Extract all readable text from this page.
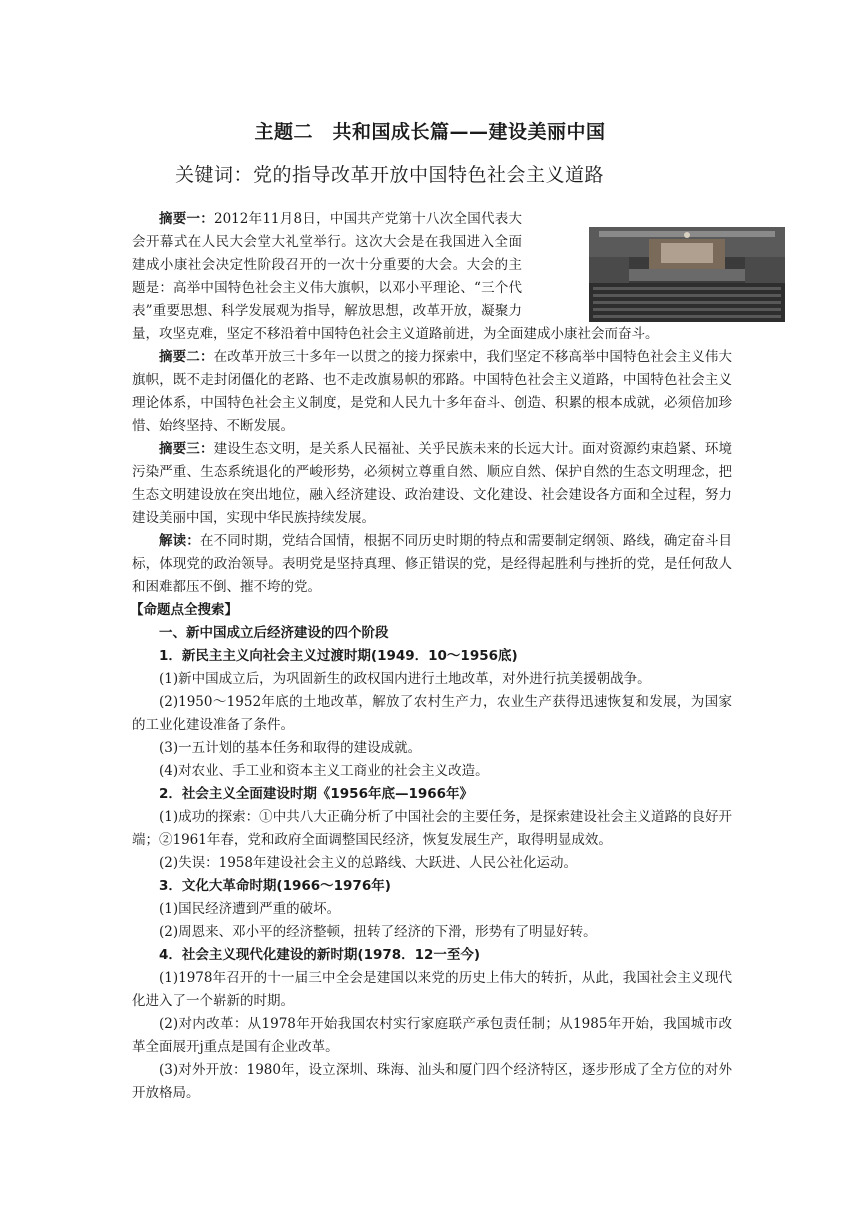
主题二　共和国成长篇——建设美丽中国

关键词：党的指导改革开放中国特色社会主义道路

摘要一：2012年11月8日，中国共产党第十八次全国代表大会开幕式在人民大会堂大礼堂举行。这次大会是在我国进入全面建成小康社会决定性阶段召开的一次十分重要的大会。大会的主题是：高举中国特色社会主义伟大旗帜，以邓小平理论、“三个代表”重要思想、科学发展观为指导，解放思想，改革开放，凝聚力量，攻坚克难，坚定不移沿着中国特色社会主义道路前进，为全面建成小康社会而奋斗。

摘要二：在改革开放三十多年一以贯之的接力探索中，我们坚定不移高举中国特色社会主义伟大旗帜，既不走封闭僵化的老路、也不走改旗易帜的邪路。中国特色社会主义道路，中国特色社会主义理论体系，中国特色社会主义制度，是党和人民九十多年奋斗、创造、积累的根本成就，必须倍加珍惜、始终坚持、不断发展。

摘要三：建设生态文明，是关系人民福祉、关乎民族未来的长远大计。面对资源约束趋紧、环境污染严重、生态系统退化的严峻形势，必须树立尊重自然、顺应自然、保护自然的生态文明理念，把生态文明建设放在突出地位，融入经济建设、政治建设、文化建设、社会建设各方面和全过程，努力建设美丽中国，实现中华民族持续发展。

解读：在不同时期，党结合国情，根据不同历史时期的特点和需要制定纲领、路线，确定奋斗目标，体现党的政治领导。表明党是坚持真理、修正错误的党，是经得起胜利与挫折的党，是任何敌人和困难都压不倒、摧不垮的党。

【命题点全搜索】

一、新中国成立后经济建设的四个阶段

1．新民主主义向社会主义过渡时期(1949．10～1956底)

(1)新中国成立后，为巩固新生的政权国内进行土地改革，对外进行抗美援朝战争。

(2)1950～1952年底的土地改革，解放了农村生产力，农业生产获得迅速恢复和发展，为国家的工业化建设准备了条件。

(3)一五计划的基本任务和取得的建设成就。

(4)对农业、手工业和资本主义工商业的社会主义改造。

2．社会主义全面建设时期《1956年底—1966年》

(1)成功的探索：①中共八大正确分析了中国社会的主要任务，是探索建设社会主义道路的良好开端；②1961年春，党和政府全面调整国民经济，恢复发展生产，取得明显成效。

(2)失误：1958年建设社会主义的总路线、大跃进、人民公社化运动。

3．文化大革命时期(1966～1976年)

(1)国民经济遭到严重的破坏。

(2)周恩来、邓小平的经济整顿，扭转了经济的下滑，形势有了明显好转。

4．社会主义现代化建设的新时期(1978．12一至今)

(1)1978年召开的十一届三中全会是建国以来党的历史上伟大的转折，从此，我国社会主义现代化进入了一个崭新的时期。

(2)对内改革：从1978年开始我国农村实行家庭联产承包责任制；从1985年开始，我国城市改革全面展开j重点是国有企业改革。

(3)对外开放：1980年，设立深圳、珠海、汕头和厦门四个经济特区，逐步形成了全方位的对外开放格局。
